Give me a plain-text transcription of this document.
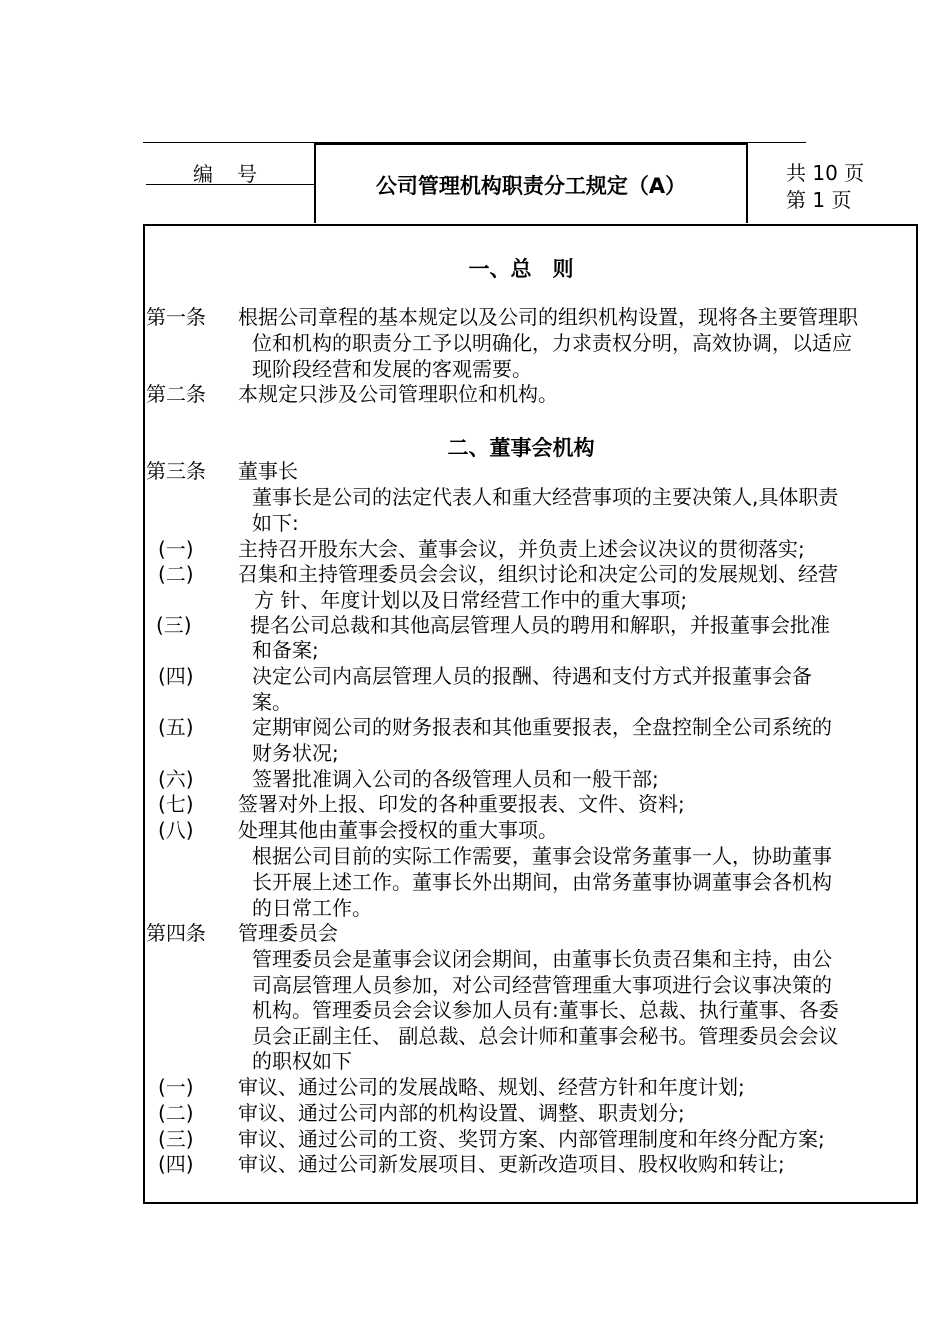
编号	公司管理机构职责分工规定（A）
共 10 页
第 1 页
一、总　则
二、董事会机构
第一条 根据公司章程的基本规定以及公司的组织机构设置，现将各主要管理职
位和机构的职责分工予以明确化，力求责权分明，高效协调，以适应
现阶段经营和发展的客观需要。
第二条 本规定只涉及公司管理职位和机构。
第三条 董事长
董事长是公司的法定代表人和重大经营事项的主要决策人,具体职责
如下:
(一) 主持召开股东大会、董事会议，并负责上述会议决议的贯彻落实;
(二) 召集和主持管理委员会会议，组织讨论和决定公司的发展规划、经营
方 针、年度计划以及日常经营工作中的重大事项;
(三)	提名公司总裁和其他高层管理人员的聘用和解职，并报董事会批准
和备案;
(四)	决定公司内高层管理人员的报酬、待遇和支付方式并报董事会备
案。
(五)	定期审阅公司的财务报表和其他重要报表，全盘控制全公司系统的
财务状况;
(六)	签署批准调入公司的各级管理人员和一般干部;
(七) 签署对外上报、印发的各种重要报表、文件、资料;
(八) 处理其他由董事会授权的重大事项。
根据公司目前的实际工作需要，董事会设常务董事一人，协助董事
长开展上述工作。董事长外出期间，由常务董事协调董事会各机构
的日常工作。
第四条 管理委员会
管理委员会是董事会议闭会期间，由董事长负责召集和主持，由公
司高层管理人员参加，对公司经营管理重大事项进行会议事决策的
机构。管理委员会会议参加人员有:董事长、总裁、执行董事、各委
员会正副主任、 副总裁、总会计师和董事会秘书。管理委员会会议
的职权如下
(一) 审议、通过公司的发展战略、规划、经营方针和年度计划;
(二) 审议、通过公司内部的机构设置、调整、职责划分;
(三) 审议、通过公司的工资、奖罚方案、内部管理制度和年终分配方案;
(四) 审议、通过公司新发展项目、更新改造项目、股权收购和转让;
